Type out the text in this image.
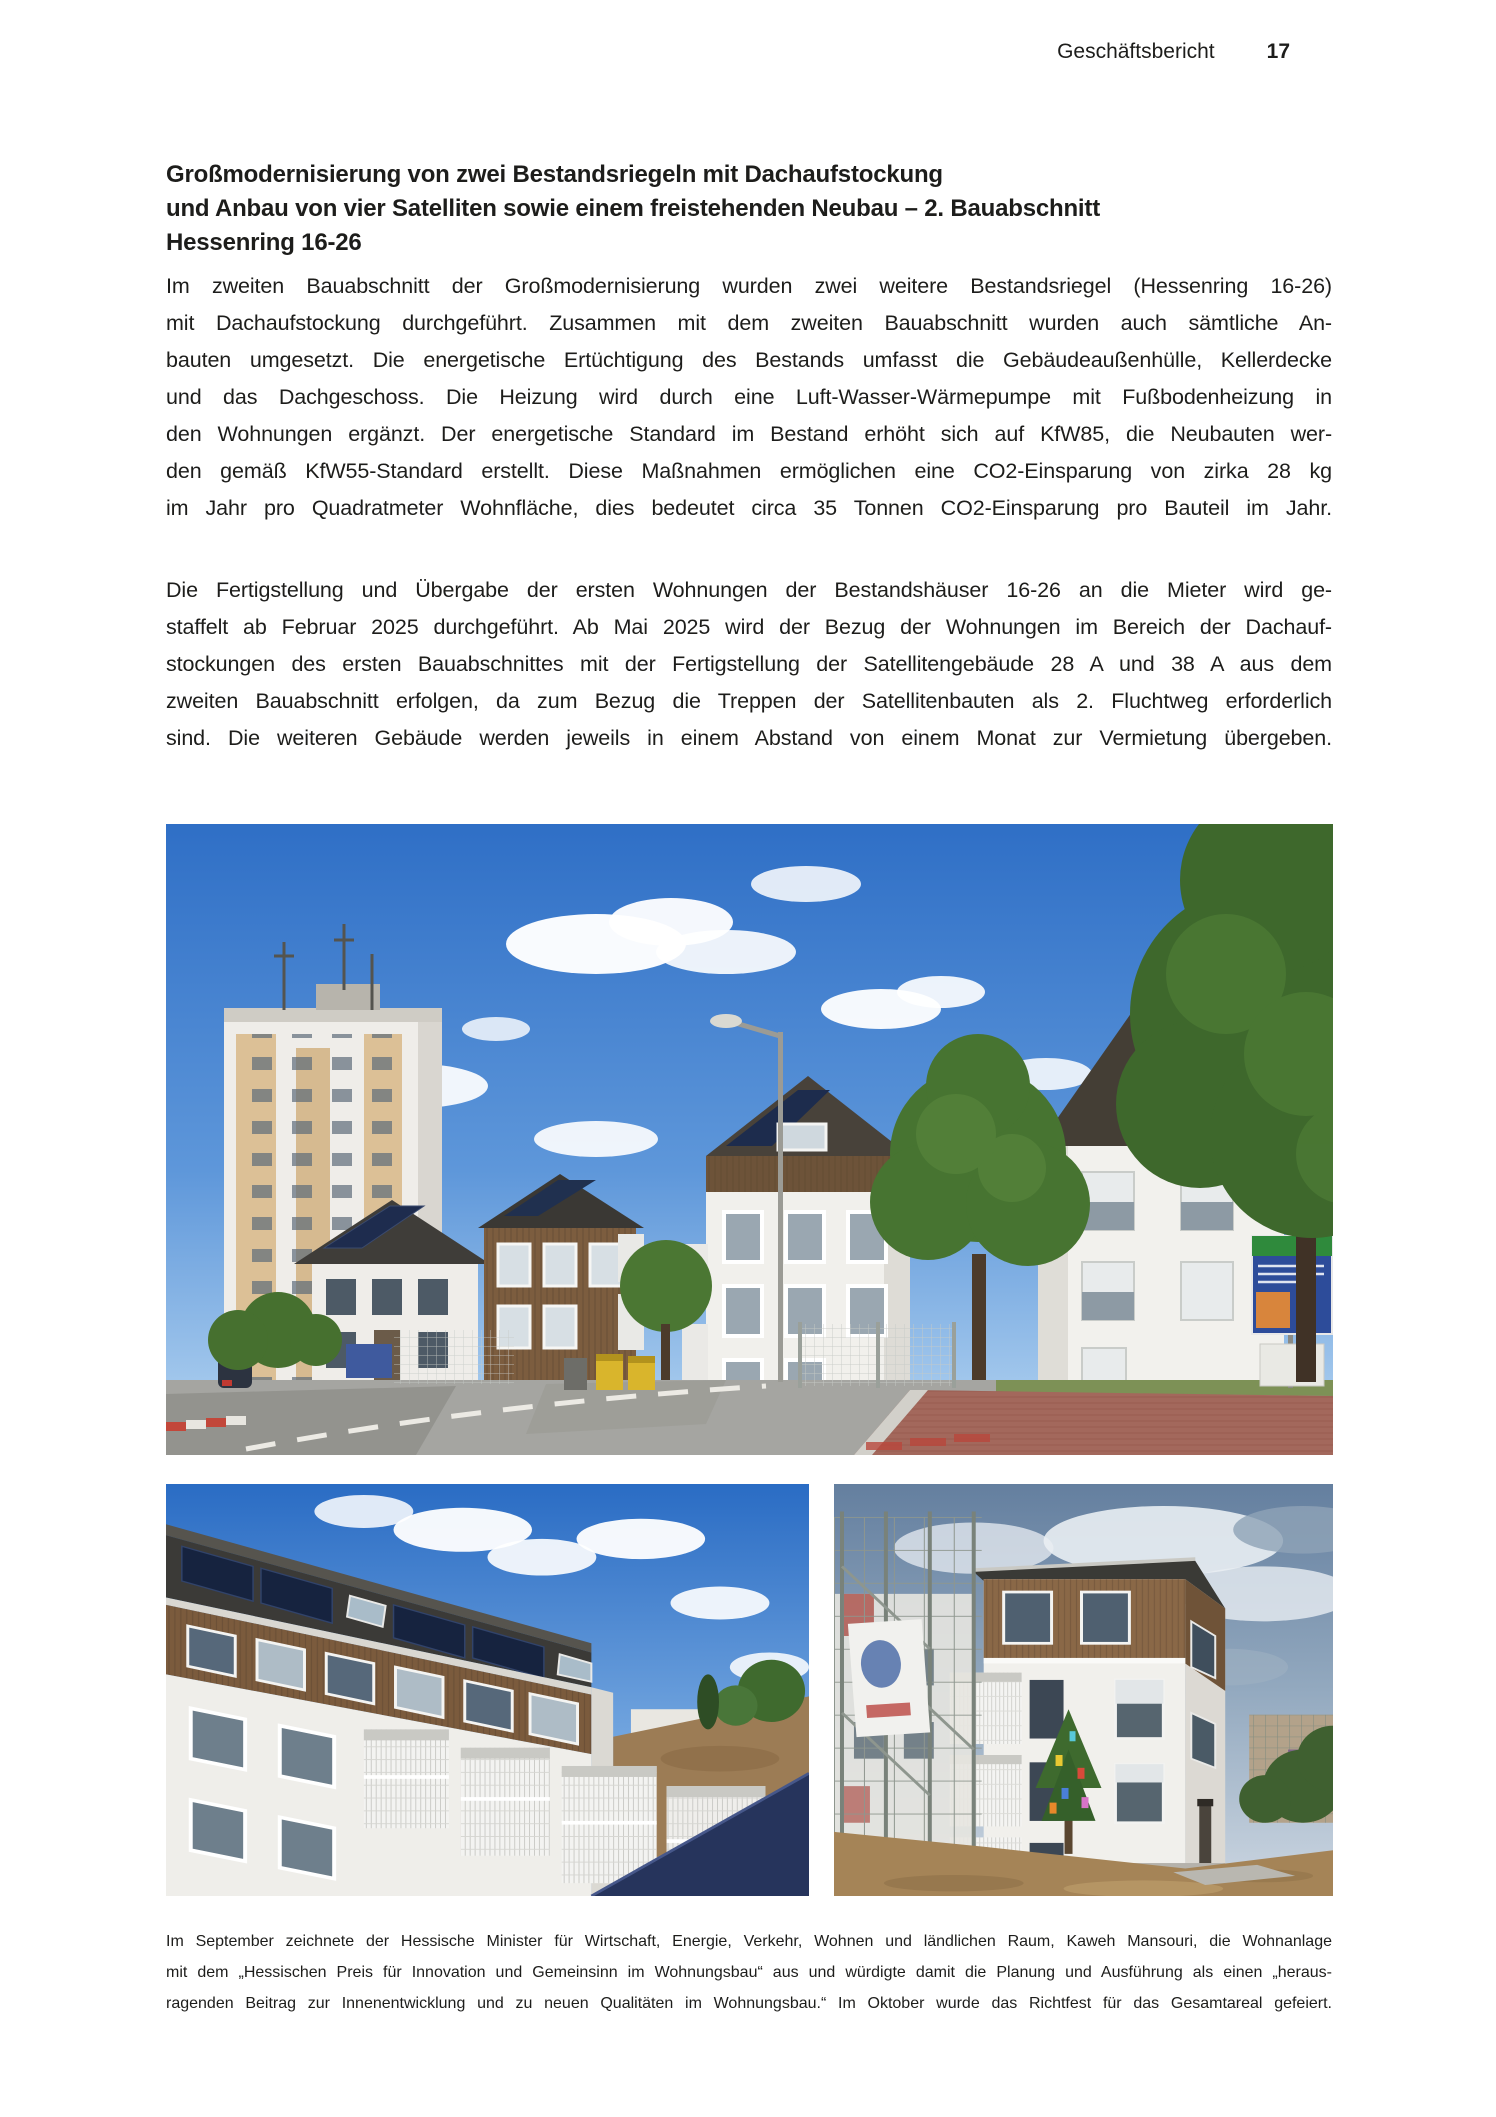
Geschäftsbericht 17
Großmodernisierung von zwei Bestandsriegeln mit Dachaufstockung
und Anbau von vier Satelliten sowie einem freistehenden Neubau – 2. Bauabschnitt
Hessenring 16-26
Im zweiten Bauabschnitt der Großmodernisierung wurden zwei weitere Bestandsriegel (Hessenring 16-26)
mit Dachaufstockung durchgeführt. Zusammen mit dem zweiten Bauabschnitt wurden auch sämtliche An-
bauten umgesetzt. Die energetische Ertüchtigung des Bestands umfasst die Gebäudeaußenhülle, Kellerdecke
und das Dachgeschoss. Die Heizung wird durch eine Luft-Wasser-Wärmepumpe mit Fußbodenheizung in
den Wohnungen ergänzt. Der energetische Standard im Bestand erhöht sich auf KfW85, die Neubauten wer-
den gemäß KfW55-Standard erstellt. Diese Maßnahmen ermöglichen eine CO2-Einsparung von zirka 28 kg
im Jahr pro Quadratmeter Wohnfläche, dies bedeutet circa 35 Tonnen CO2-Einsparung pro Bauteil im Jahr.
Die Fertigstellung und Übergabe der ersten Wohnungen der Bestandshäuser 16-26 an die Mieter wird ge-
staffelt ab Februar 2025 durchgeführt. Ab Mai 2025 wird der Bezug der Wohnungen im Bereich der Dachauf-
stockungen des ersten Bauabschnittes mit der Fertigstellung der Satellitengebäude 28 A und 38 A aus dem
zweiten Bauabschnitt erfolgen, da zum Bezug die Treppen der Satellitenbauten als 2. Fluchtweg erforderlich
sind. Die weiteren Gebäude werden jeweils in einem Abstand von einem Monat zur Vermietung übergeben.
Im September zeichnete der Hessische Minister für Wirtschaft, Energie, Verkehr, Wohnen und ländlichen Raum, Kaweh Mansouri, die Wohnanlage
mit dem „Hessischen Preis für Innovation und Gemeinsinn im Wohnungsbau“ aus und würdigte damit die Planung und Ausführung als einen „heraus-
ragenden Beitrag zur Innenentwicklung und zu neuen Qualitäten im Wohnungsbau.“ Im Oktober wurde das Richtfest für das Gesamtareal gefeiert.
